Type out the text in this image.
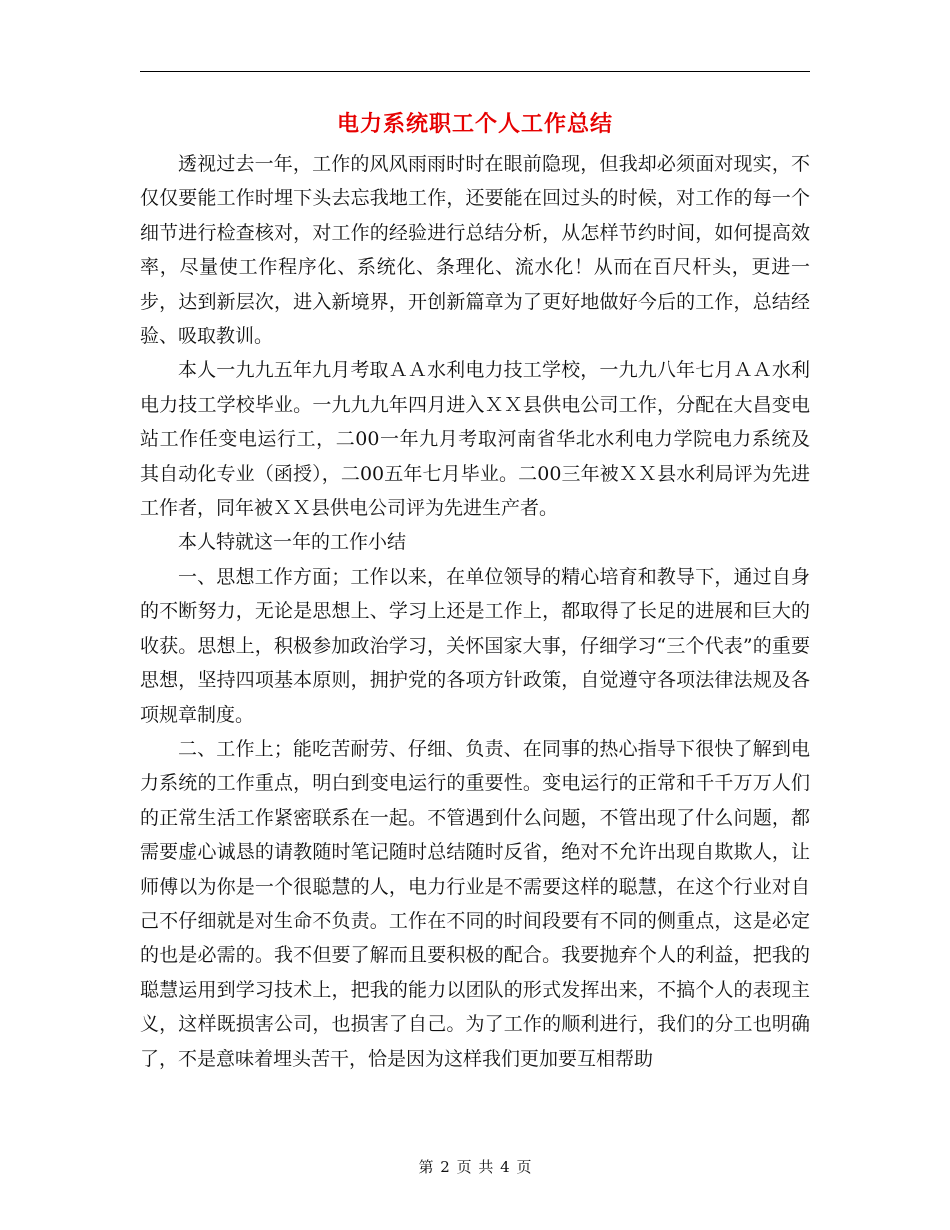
电力系统职工个人工作总结

透视过去一年，工作的风风雨雨时时在眼前隐现，但我却必须面对现实，不仅仅要能工作时埋下头去忘我地工作，还要能在回过头的时候，对工作的每一个细节进行检查核对，对工作的经验进行总结分析，从怎样节约时间，如何提高效率，尽量使工作程序化、系统化、条理化、流水化！从而在百尺杆头，更进一步，达到新层次，进入新境界，开创新篇章为了更好地做好今后的工作，总结经验、吸取教训。

本人一九九五年九月考取ＡＡ水利电力技工学校，一九九八年七月ＡＡ水利电力技工学校毕业。一九九九年四月进入ＸＸ县供电公司工作，分配在大昌变电站工作任变电运行工，二00一年九月考取河南省华北水利电力学院电力系统及其自动化专业（函授），二00五年七月毕业。二00三年被ＸＸ县水利局评为先进工作者，同年被ＸＸ县供电公司评为先进生产者。

本人特就这一年的工作小结

一、思想工作方面；工作以来，在单位领导的精心培育和教导下，通过自身的不断努力，无论是思想上、学习上还是工作上，都取得了长足的进展和巨大的收获。思想上，积极参加政治学习，关怀国家大事，仔细学习“三个代表”的重要思想，坚持四项基本原则，拥护党的各项方针政策，自觉遵守各项法律法规及各项规章制度。

二、工作上；能吃苦耐劳、仔细、负责、在同事的热心指导下很快了解到电力系统的工作重点，明白到变电运行的重要性。变电运行的正常和千千万万人们的正常生活工作紧密联系在一起。不管遇到什么问题，不管出现了什么问题，都需要虚心诚恳的请教随时笔记随时总结随时反省，绝对不允许出现自欺欺人，让师傅以为你是一个很聪慧的人，电力行业是不需要这样的聪慧，在这个行业对自己不仔细就是对生命不负责。工作在不同的时间段要有不同的侧重点，这是必定的也是必需的。我不但要了解而且要积极的配合。我要抛弃个人的利益，把我的聪慧运用到学习技术上，把我的能力以团队的形式发挥出来，不搞个人的表现主义，这样既损害公司，也损害了自己。为了工作的顺利进行，我们的分工也明确了，不是意味着埋头苦干，恰是因为这样我们更加要互相帮助

第 2 页 共 4 页
